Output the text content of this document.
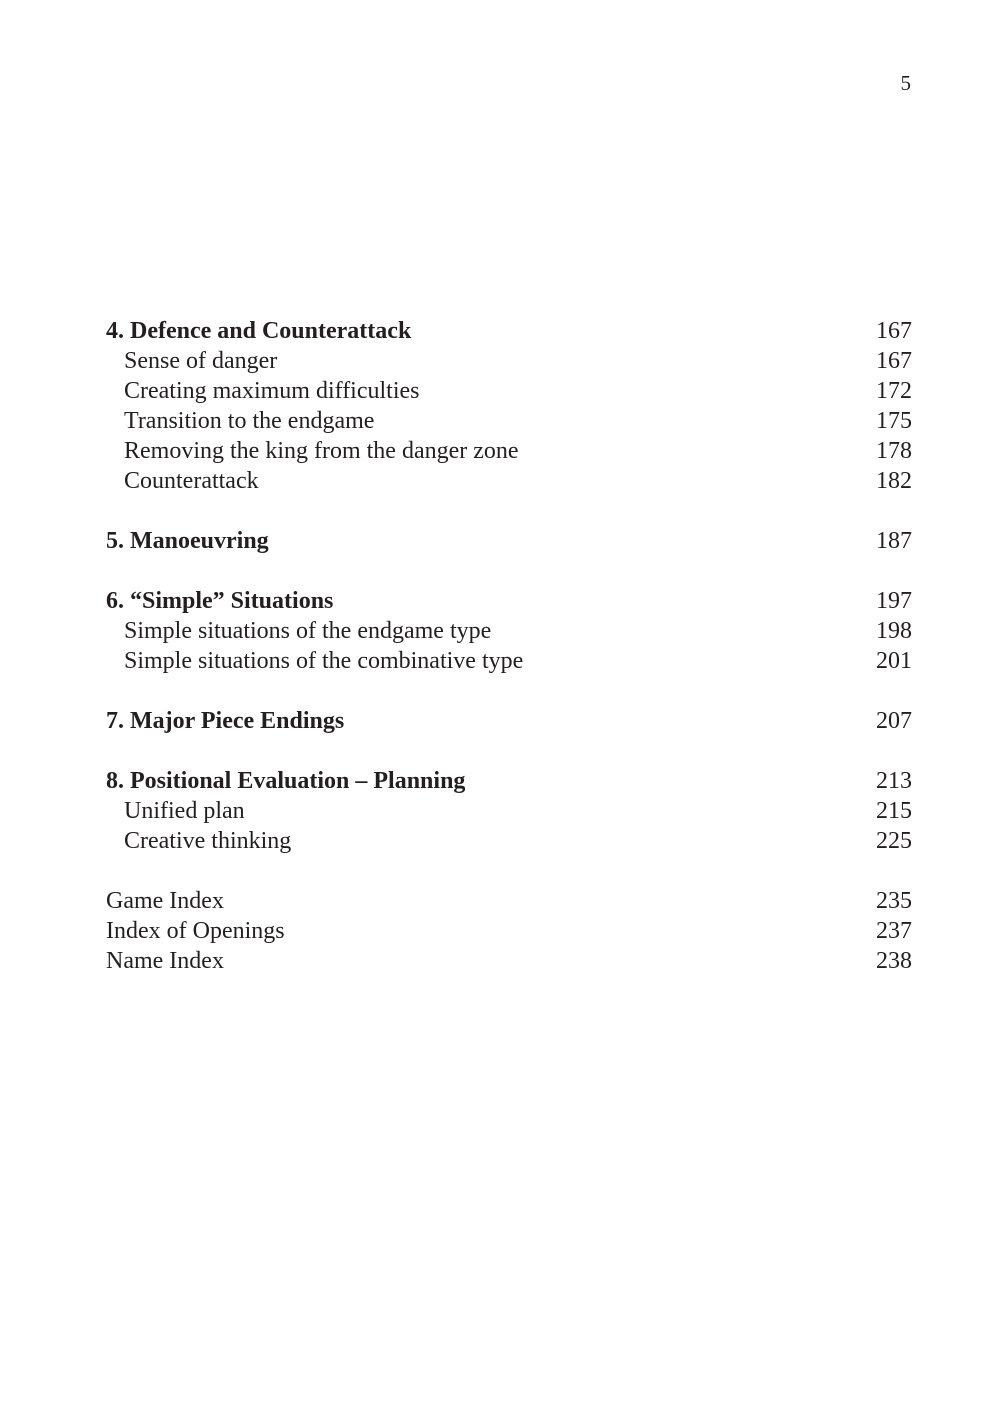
5
4. Defence and Counterattack	167
Sense of danger	167
Creating maximum difficulties	172
Transition to the endgame	175
Removing the king from the danger zone	178
Counterattack	182
5. Manoeuvring	187
6. “Simple” Situations	197
Simple situations of the endgame type	198
Simple situations of the combinative type	201
7. Major Piece Endings	207
8. Positional Evaluation – Planning	213
Unified plan	215
Creative thinking	225
Game Index	235
Index of Openings	237
Name Index	238
